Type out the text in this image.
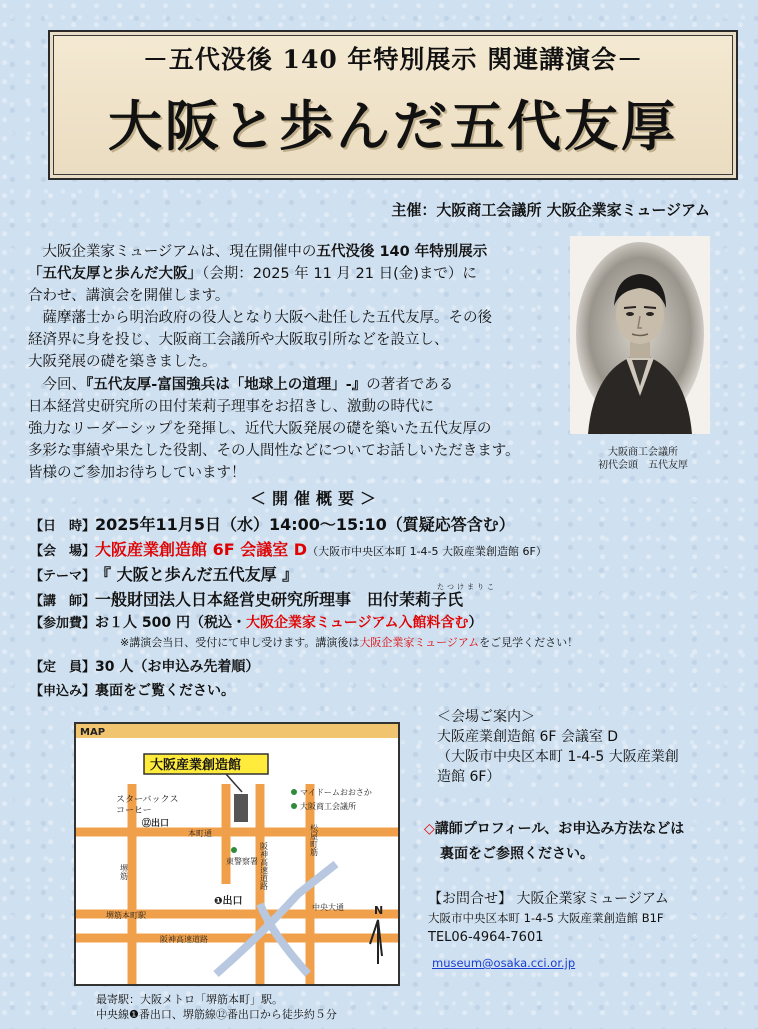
－五代没後 140 年特別展示 関連講演会－
大阪と歩んだ五代友厚
主催：大阪商工会議所 大阪企業家ミュージアム
　大阪企業家ミュージアムは、現在開催中の五代没後 140 年特別展示
「五代友厚と歩んだ大阪」（会期：2025 年 11 月 21 日(金)まで）に
合わせ、講演会を開催します。
　薩摩藩士から明治政府の役人となり大阪へ赴任した五代友厚。その後
経済界に身を投じ、大阪商工会議所や大阪取引所などを設立し、
大阪発展の礎を築きました。
　今回、『五代友厚-富国強兵は「地球上の道理」-』の著者である
日本経営史研究所の田付茉莉子理事をお招きし、激動の時代に
強力なリーダーシップを発揮し、近代大阪発展の礎を築いた五代友厚の
多彩な事績や果たした役割、その人間性などについてお話しいただきます。
皆様のご参加お待ちしています！
大阪商工会議所
初代会頭　五代友厚
＜開催概要＞
【日　時】2025年11月5日（水）14:00～15:10（質疑応答含む）
【会　場】大阪産業創造館 6F 会議室 D（大阪市中央区本町 1-4-5 大阪産業創造館 6F）
【テーマ】『 大阪と歩んだ五代友厚 』
たつけまりこ
【講　師】一般財団法人日本経営史研究所理事　田付茉莉子氏
【参加費】お１人 500 円（税込・大阪企業家ミュージアム入館料含む）
※講演会当日、受付にて申し受けます。講演後は大阪企業家ミュージアムをご見学ください！
【定　員】30 人（お申込み先着順）
【申込み】裏面をご覧ください。
MAP
大阪産業創造館
スターバックス
コーヒー
マイドームおおさか
大阪商工会議所
⑫出口
本町通
東警察署
堺筋	阪神高速道路
松屋町筋
❶出口
中央大通
堺筋本町駅
阪神高速道路
N
最寄駅：大阪メトロ「堺筋本町」駅。
中央線❶番出口、堺筋線⑫番出口から徒歩約５分
＜会場ご案内＞
大阪産業創造館 6F 会議室 D
（大阪市中央区本町 1-4-5 大阪産業創
造館 6F）
◇講師プロフィール、お申込み方法などは
裏面をご参照ください。
【お問合せ】 大阪企業家ミュージアム
大阪市中央区本町 1-4-5 大阪産業創造館 B1F
TEL06-4964-7601
museum@osaka.cci.or.jp
